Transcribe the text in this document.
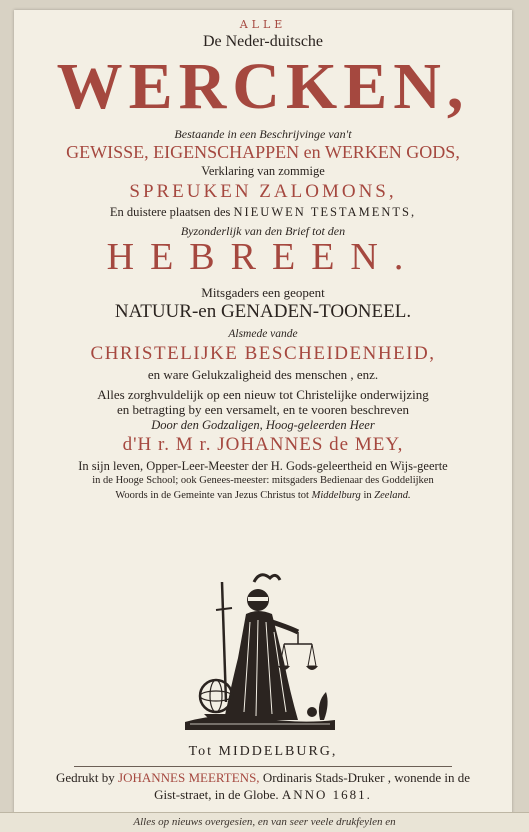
ALLE
De Neder-duitsche
WERCKEN,
Bestaande in een Beschrijvinge van't
GEWISSE, EIGENSCHAPPEN en WERKEN GODS,
Verklaring van zommige
SPREUKEN ZALOMONS,
En duistere plaatsen des NIEUWEN TESTAMENTS,
Byzonderlijk van den Brief tot den
HEBREEN.
Mitsgaders een geopent
NATUUR-en GENADEN-TOONEEL.
Alsmede vande
CHRISTELIJKE BESCHEIDENHEID,
en ware Gelukzaligheid des menschen , enz.
Alles zorghvuldelijk op een nieuw tot Christelijke onderwijzing
en betragting by een versamelt, en te vooren beschreven
Door den Godzaligen, Hoog-geleerden Heer
d'H r. M r. JOHANNES de MEY,
In sijn leven, Opper-Leer-Meester der H. Gods-geleertheid en Wijs-geerte
in de Hooge School; ook Genees-meester: mitsgaders Bedienaar des Goddelijken
Woords in de Gemeinte van Jezus Christus tot Middelburg in Zeeland.
Tot MIDDELBURG,
Gedrukt by JOHANNES MEERTENS, Ordinaris Stads-Druker , wonende in de
Gist-straet, in de Globe. ANNO 1681.
Alles op nieuws overgesien, en van seer veele drukfeylen en
